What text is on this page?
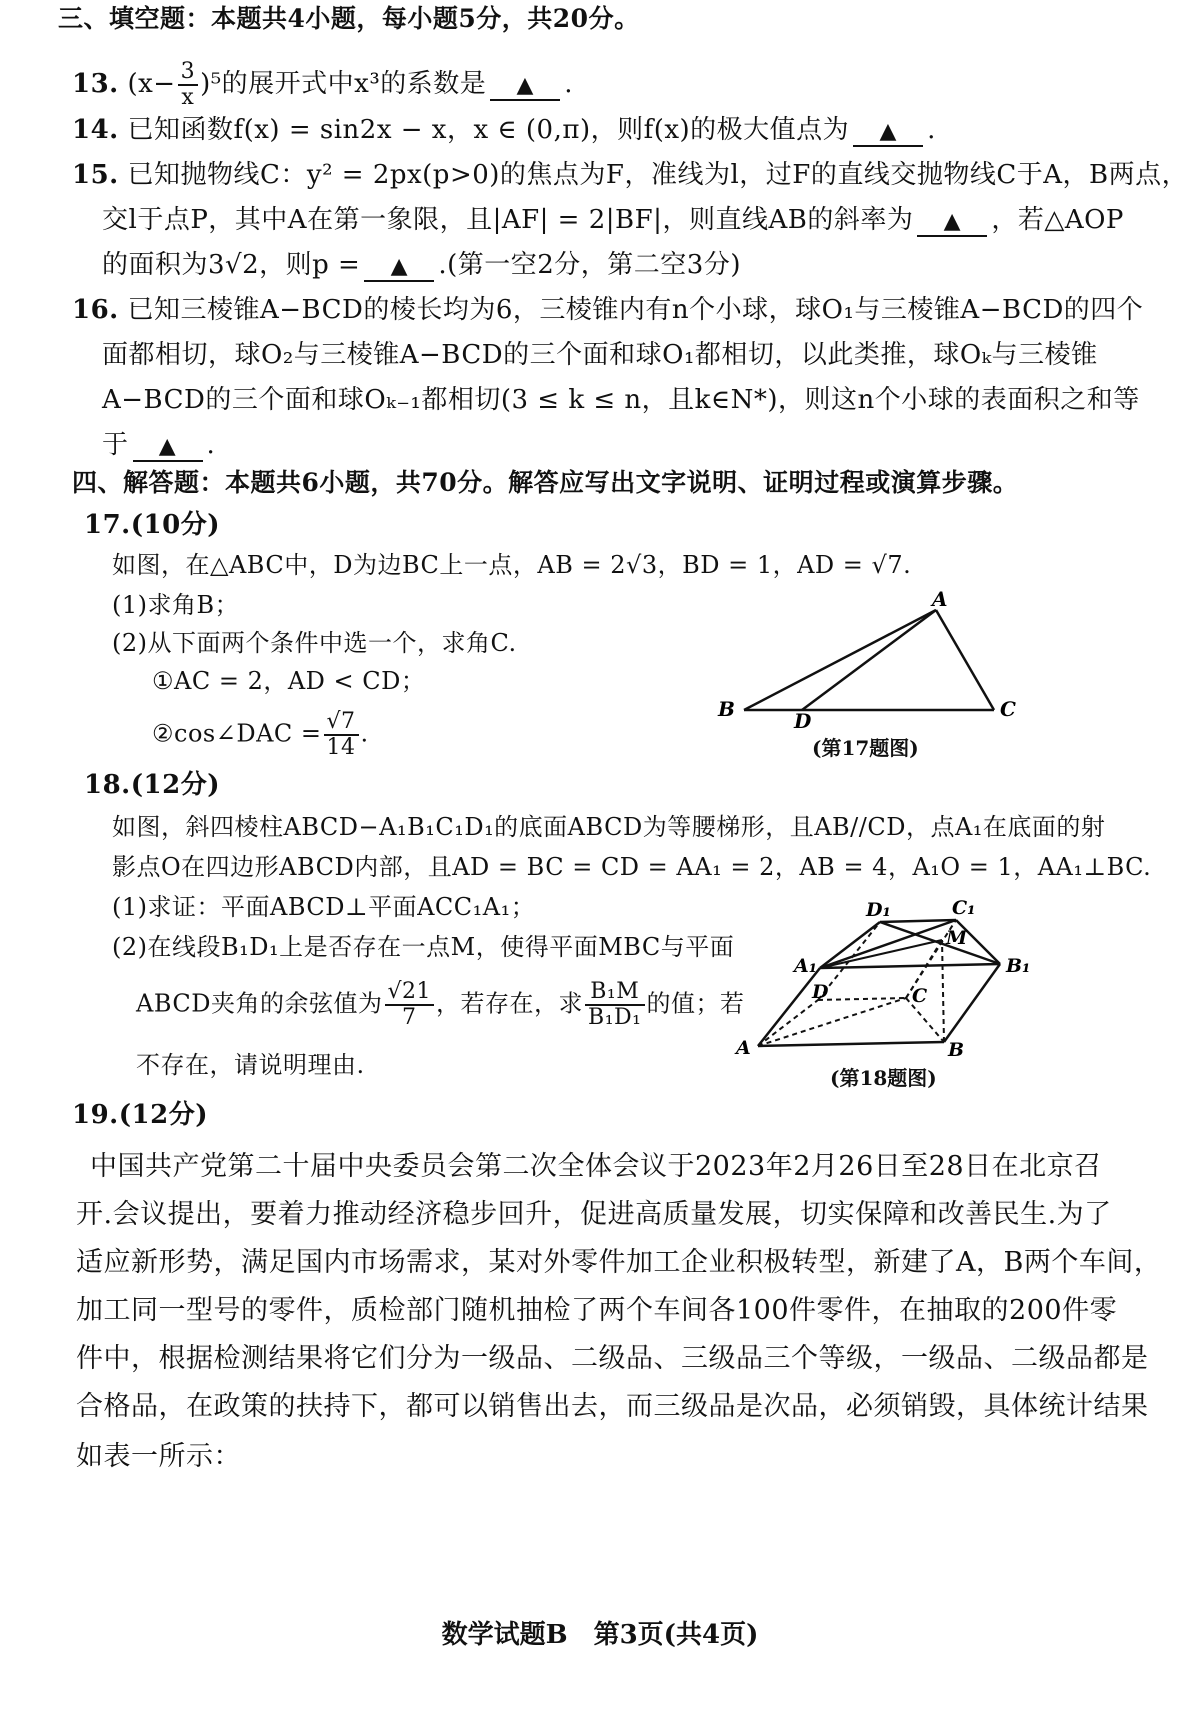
三、填空题：本题共4小题，每小题5分，共20分。
13. $(x- \frac{3}{x} )^5$的展开式中x³的系数是 ▲ .
14. 已知函数f(x) = sin2x − x，x ∈ (0,π)，则f(x)的极大值点为 ▲ .
15. 已知抛物线C：y² = 2px(p>0)的焦点为F，准线为l，过F的直线交抛物线C于A，B两点，
交l于点P，其中A在第一象限，且|AF| = 2|BF|，则直线AB的斜率为 ▲ ，若△AOP
的面积为3√2，则p = ▲ .(第一空2分，第二空3分)
16. 已知三棱锥A−BCD的棱长均为6，三棱锥内有n个小球，球O₁与三棱锥A−BCD的四个
面都相切，球O₂与三棱锥A−BCD的三个面和球O₁都相切，以此类推，球Oₖ与三棱锥
A−BCD的三个面和球Oₖ₋₁都相切(3 ≤ k ≤ n，且k∈N*)，则这n个小球的表面积之和等
于 ▲ .
四、解答题：本题共6小题，共70分。解答应写出文字说明、证明过程或演算步骤。
17.(10分)
如图，在△ABC中，D为边BC上一点，AB = 2√3，BD = 1，AD = √7.
(1)求角B；
(2)从下面两个条件中选一个，求角C.
①AC = 2，AD < CD；
②cos∠DAC = $\frac{√7}{14}$ .
A
B	C
D
(第17题图)
18.(12分)
如图，斜四棱柱ABCD−A₁B₁C₁D₁的底面ABCD为等腰梯形，且AB//CD，点A₁在底面的射
影点O在四边形ABCD内部，且AD = BC = CD = AA₁ = 2，AB = 4，A₁O = 1，AA₁⊥BC.
(1)求证：平面ABCD⊥平面ACC₁A₁；
(2)在线段B₁D₁上是否存在一点M，使得平面MBC与平面
ABCD夹角的余弦值为 $\frac{√21}{7}$ ，若存在，求 $\frac{\text{B₁M}}{\text{B₁D₁}}$ 的值；若
不存在，请说明理由.
D₁	C₁
M
A₁	B₁
D	C
A	B
(第18题图)
19.(12分)
中国共产党第二十届中央委员会第二次全体会议于2023年2月26日至28日在北京召
开.会议提出，要着力推动经济稳步回升，促进高质量发展，切实保障和改善民生.为了
适应新形势，满足国内市场需求，某对外零件加工企业积极转型，新建了A，B两个车间，
加工同一型号的零件，质检部门随机抽检了两个车间各100件零件，在抽取的200件零
件中，根据检测结果将它们分为一级品、二级品、三级品三个等级，一级品、二级品都是
合格品，在政策的扶持下，都可以销售出去，而三级品是次品，必须销毁，具体统计结果
如表一所示：
数学试题B　第3页(共4页)
